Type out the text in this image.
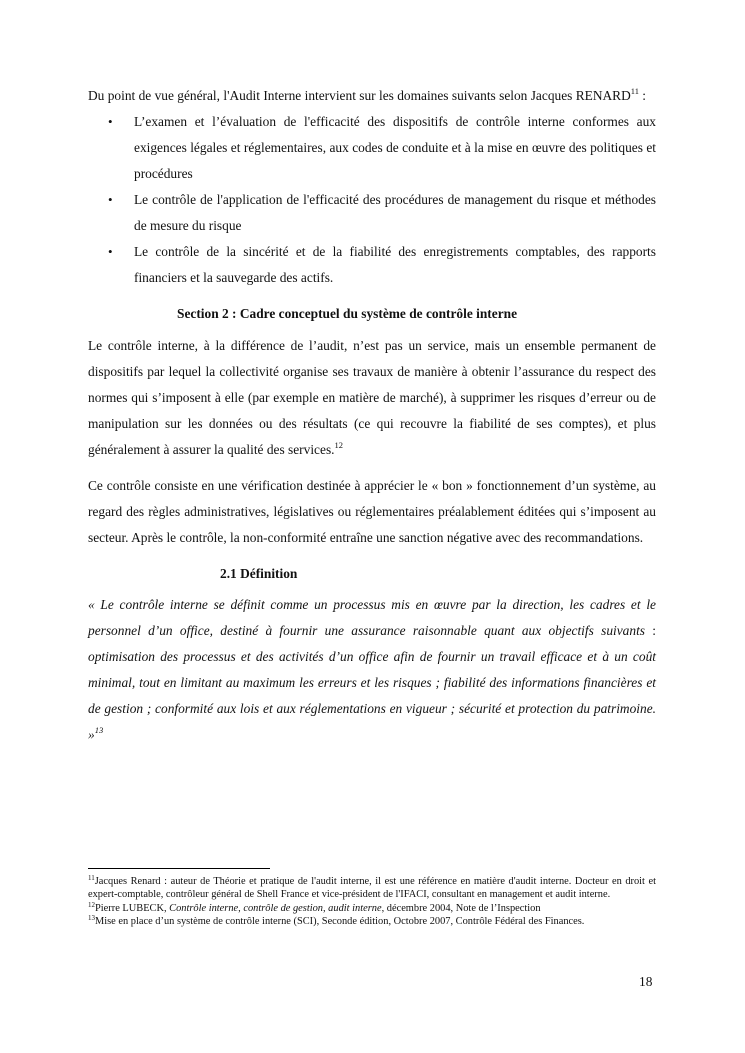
Du point de vue général, l'Audit Interne intervient sur les domaines suivants selon Jacques RENARD$^{11}$ :

• L’examen et l’évaluation de l'efficacité des dispositifs de contrôle interne conformes aux exigences légales et réglementaires, aux codes de conduite et à la mise en œuvre des politiques et procédures
• Le contrôle de l'application de l'efficacité des procédures de management du risque et méthodes de mesure du risque
• Le contrôle de la sincérité et de la fiabilité des enregistrements comptables, des rapports financiers et la sauvegarde des actifs.
Section 2 : Cadre conceptuel du système de contrôle interne

Le contrôle interne, à la différence de l’audit, n’est pas un service, mais un ensemble permanent de dispositifs par lequel la collectivité organise ses travaux de manière à obtenir l’assurance du respect des normes qui s’imposent à elle (par exemple en matière de marché), à supprimer les risques d’erreur ou de manipulation sur les données ou des résultats (ce qui recouvre la fiabilité de ses comptes), et plus généralement à assurer la qualité des services.$^{12}$

Ce contrôle consiste en une vérification destinée à apprécier le « bon » fonctionnement d’un système, au regard des règles administratives, législatives ou réglementaires préalablement éditées qui s’imposent au secteur. Après le contrôle, la non-conformité entraîne une sanction négative avec des recommandations.

2.1 Définition

« Le contrôle interne se définit comme un processus mis en œuvre par la direction, les cadres et le personnel d’un office, destiné à fournir une assurance raisonnable quant aux objectifs suivants : optimisation des processus et des activités d’un office afin de fournir un travail efficace et à un coût minimal, tout en limitant au maximum les erreurs et les risques ; fiabilité des informations financières et de gestion ; conformité aux lois et aux réglementations en vigueur ; sécurité et protection du patrimoine. »$^{13}$

$^{11}$Jacques Renard : auteur de Théorie et pratique de l'audit interne, il est une référence en matière d'audit interne. Docteur en droit et expert-comptable, contrôleur général de Shell France et vice-président de l'IFACI, consultant en management et audit interne.

$^{12}$Pierre LUBECK, Contrôle interne, contrôle de gestion, audit interne, décembre 2004, Note de l’Inspection

$^{13}$Mise en place d’un système de contrôle interne (SCI), Seconde édition, Octobre 2007, Contrôle Fédéral des Finances.

18
